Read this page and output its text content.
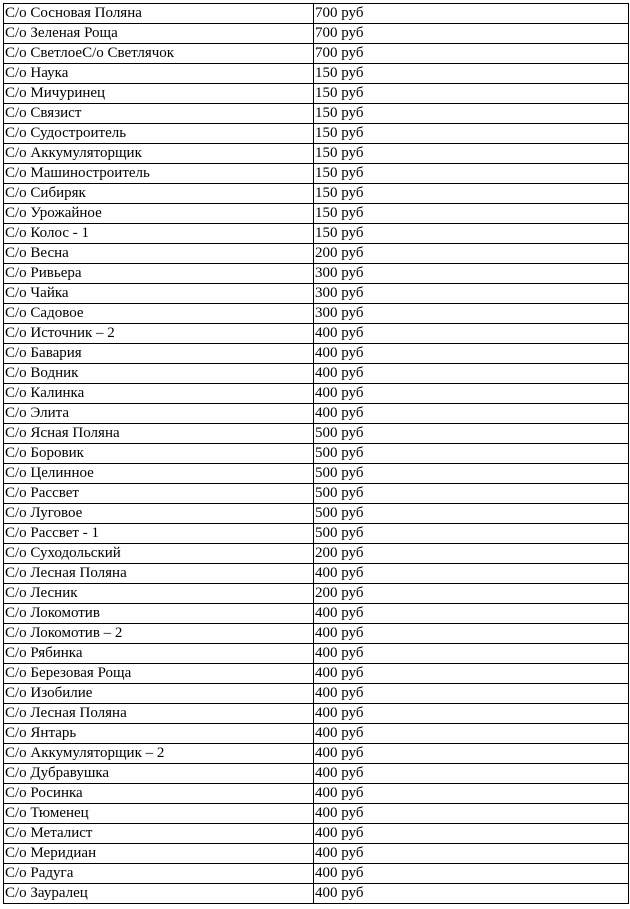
С/о Сосновая Поляна	700 руб
С/о Зеленая Роща	700 руб
С/о СветлоеС/о Светлячок	700 руб
С/о Наука	150 руб
С/о Мичуринец	150 руб
С/о Связист	150 руб
С/о Судостроитель	150 руб
С/о Аккумуляторщик	150 руб
С/о Машиностроитель	150 руб
С/о Сибиряк	150 руб
С/о Урожайное	150 руб
С/о Колос - 1	150 руб
С/о Весна	200 руб
С/о Ривьера	300 руб
С/о Чайка	300 руб
С/о Садовое	300 руб
С/о Источник – 2	400 руб
С/о Бавария	400 руб
С/о Водник	400 руб
С/о Калинка	400 руб
С/о Элита	400 руб
С/о Ясная Поляна	500 руб
С/о Боровик	500 руб
С/о Целинное	500 руб
С/о Рассвет	500 руб
С/о Луговое	500 руб
С/о Рассвет - 1	500 руб
С/о Суходольский	200 руб
С/о Лесная Поляна	400 руб
С/о Лесник	200 руб
С/о Локомотив	400 руб
С/о Локомотив – 2	400 руб
С/о Рябинка	400 руб
С/о Березовая Роща	400 руб
С/о Изобилие	400 руб
С/о Лесная Поляна	400 руб
С/о Янтарь	400 руб
С/о Аккумуляторщик – 2	400 руб
С/о Дубравушка	400 руб
С/о Росинка	400 руб
С/о Тюменец	400 руб
С/о Металист	400 руб
С/о Меридиан	400 руб
С/о Радуга	400 руб
С/о Зауралец	400 руб
